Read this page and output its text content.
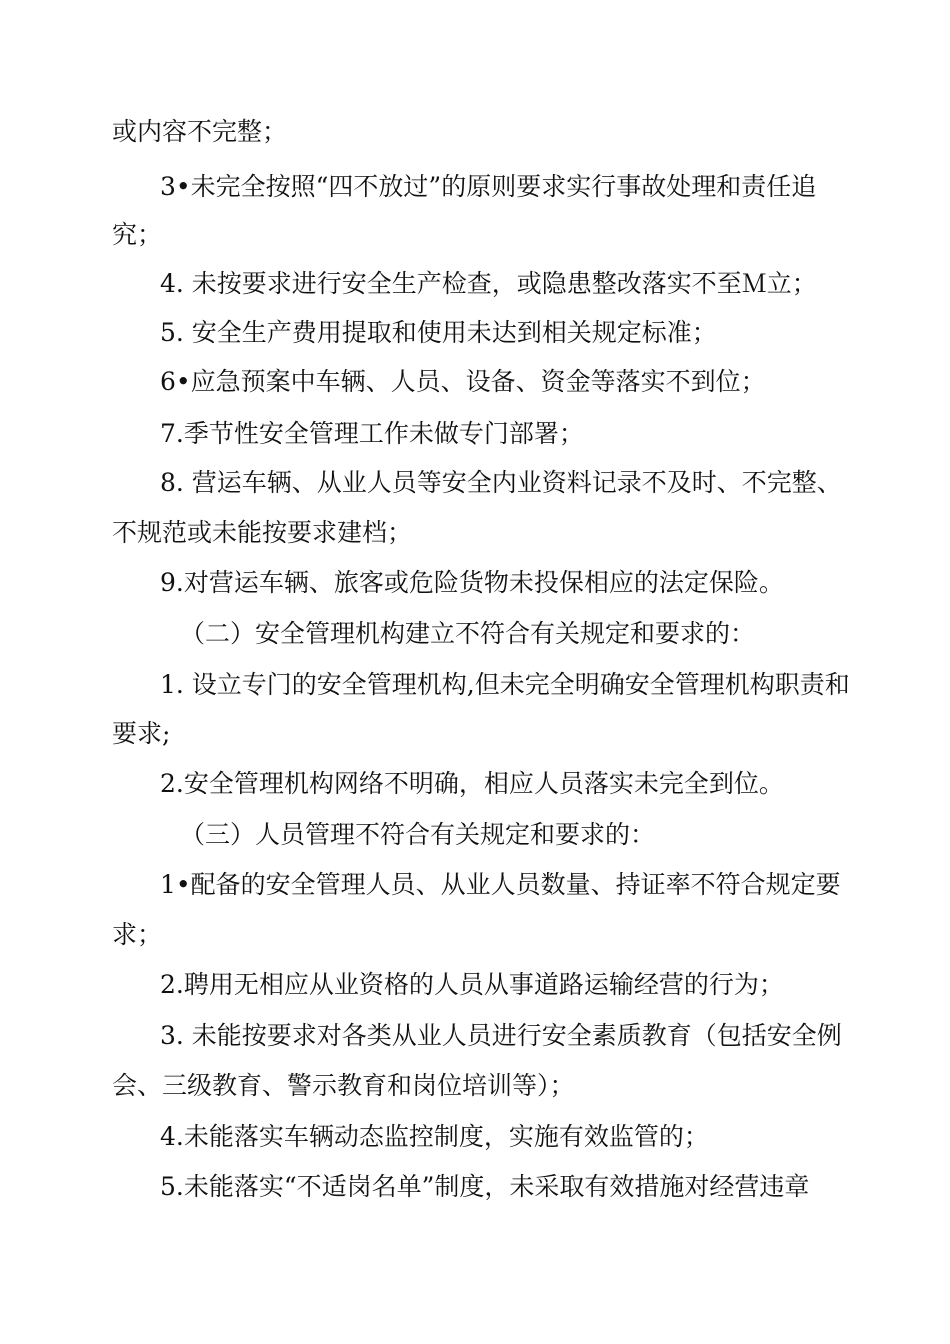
或内容不完整；
3•未完全按照“四不放过”的原则要求实行事故处理和责任追
究；
4. 未按要求进行安全生产检查，或隐患整改落实不至Ｍ立；
5. 安全生产费用提取和使用未达到相关规定标准；
6•应急预案中车辆、人员、设备、资金等落实不到位；
7.季节性安全管理工作未做专门部署；
8. 营运车辆、从业人员等安全内业资料记录不及时、不完整、
不规范或未能按要求建档；
9.对营运车辆、旅客或危险货物未投保相应的法定保险。
（二）安全管理机构建立不符合有关规定和要求的：
1. 设立专门的安全管理机构,但未完全明确安全管理机构职责和
要求;
2.安全管理机构网络不明确，相应人员落实未完全到位。
（三）人员管理不符合有关规定和要求的：
1•配备的安全管理人员、从业人员数量、持证率不符合规定要
求；
2.聘用无相应从业资格的人员从事道路运输经营的行为；
3. 未能按要求对各类从业人员进行安全素质教育（包括安全例
会、三级教育、警示教育和岗位培训等）；
4.未能落实车辆动态监控制度，实施有效监管的；
5.未能落实“不适岗名单”制度，未采取有效措施对经营违章
